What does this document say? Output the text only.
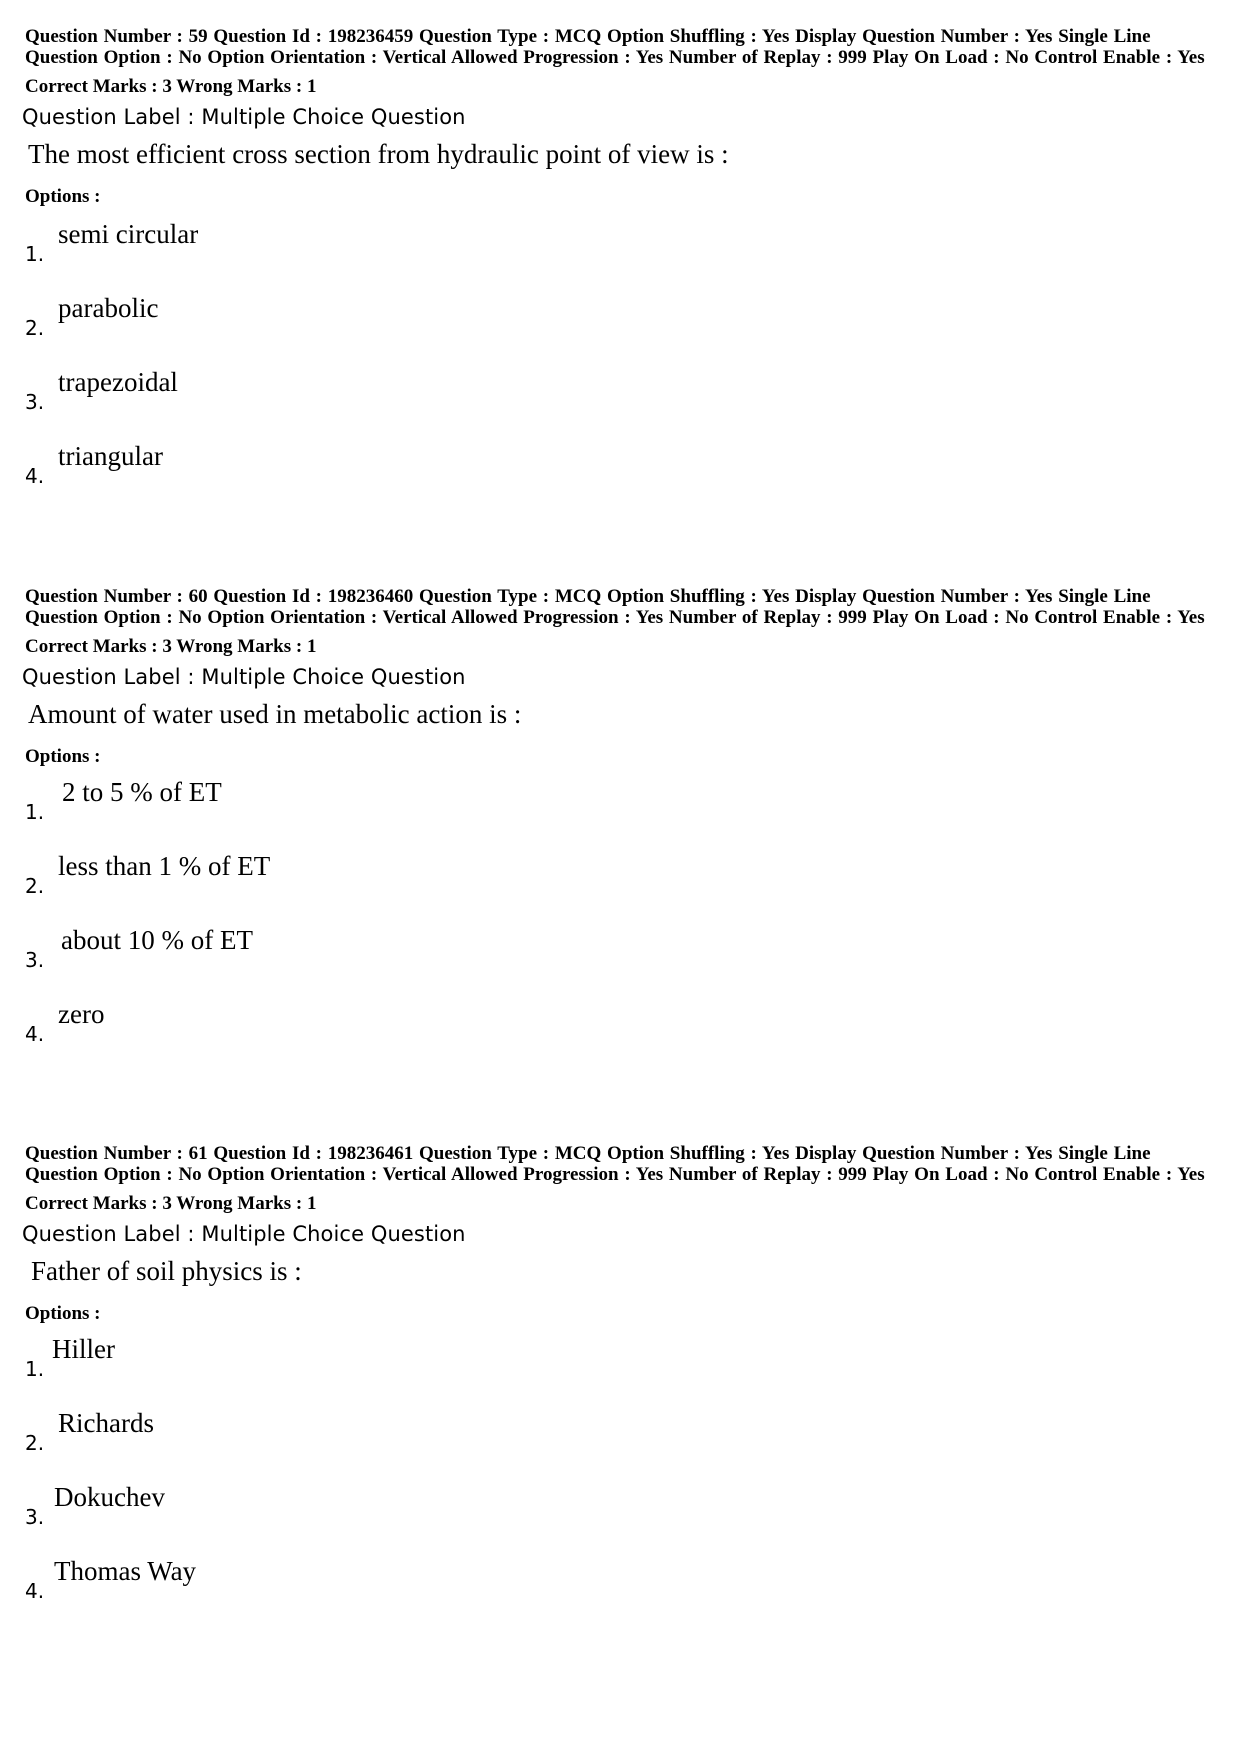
Question Number : 59 Question Id : 198236459 Question Type : MCQ Option Shuffling : Yes Display Question Number : Yes Single Line Question Option : No Option Orientation : Vertical Allowed Progression : Yes Number of Replay : 999 Play On Load : No Control Enable : Yes

Correct Marks : 3 Wrong Marks : 1

Question Label : Multiple Choice Question
The most efficient cross section from hydraulic point of view is :
Options :
1.
semi circular
2.
parabolic
3.
trapezoidal
4.
triangular

Question Number : 60 Question Id : 198236460 Question Type : MCQ Option Shuffling : Yes Display Question Number : Yes Single Line Question Option : No Option Orientation : Vertical Allowed Progression : Yes Number of Replay : 999 Play On Load : No Control Enable : Yes

Correct Marks : 3 Wrong Marks : 1

Question Label : Multiple Choice Question
Amount of water used in metabolic action is :
Options :
1.
2 to 5 % of ET
2.
less than 1 % of ET
3.
about 10 % of ET
4.
zero

Question Number : 61 Question Id : 198236461 Question Type : MCQ Option Shuffling : Yes Display Question Number : Yes Single Line Question Option : No Option Orientation : Vertical Allowed Progression : Yes Number of Replay : 999 Play On Load : No Control Enable : Yes

Correct Marks : 3 Wrong Marks : 1

Question Label : Multiple Choice Question
Father of soil physics is :
Options :
1.
Hiller
2.
Richards
3.
Dokuchev
4.
Thomas Way
